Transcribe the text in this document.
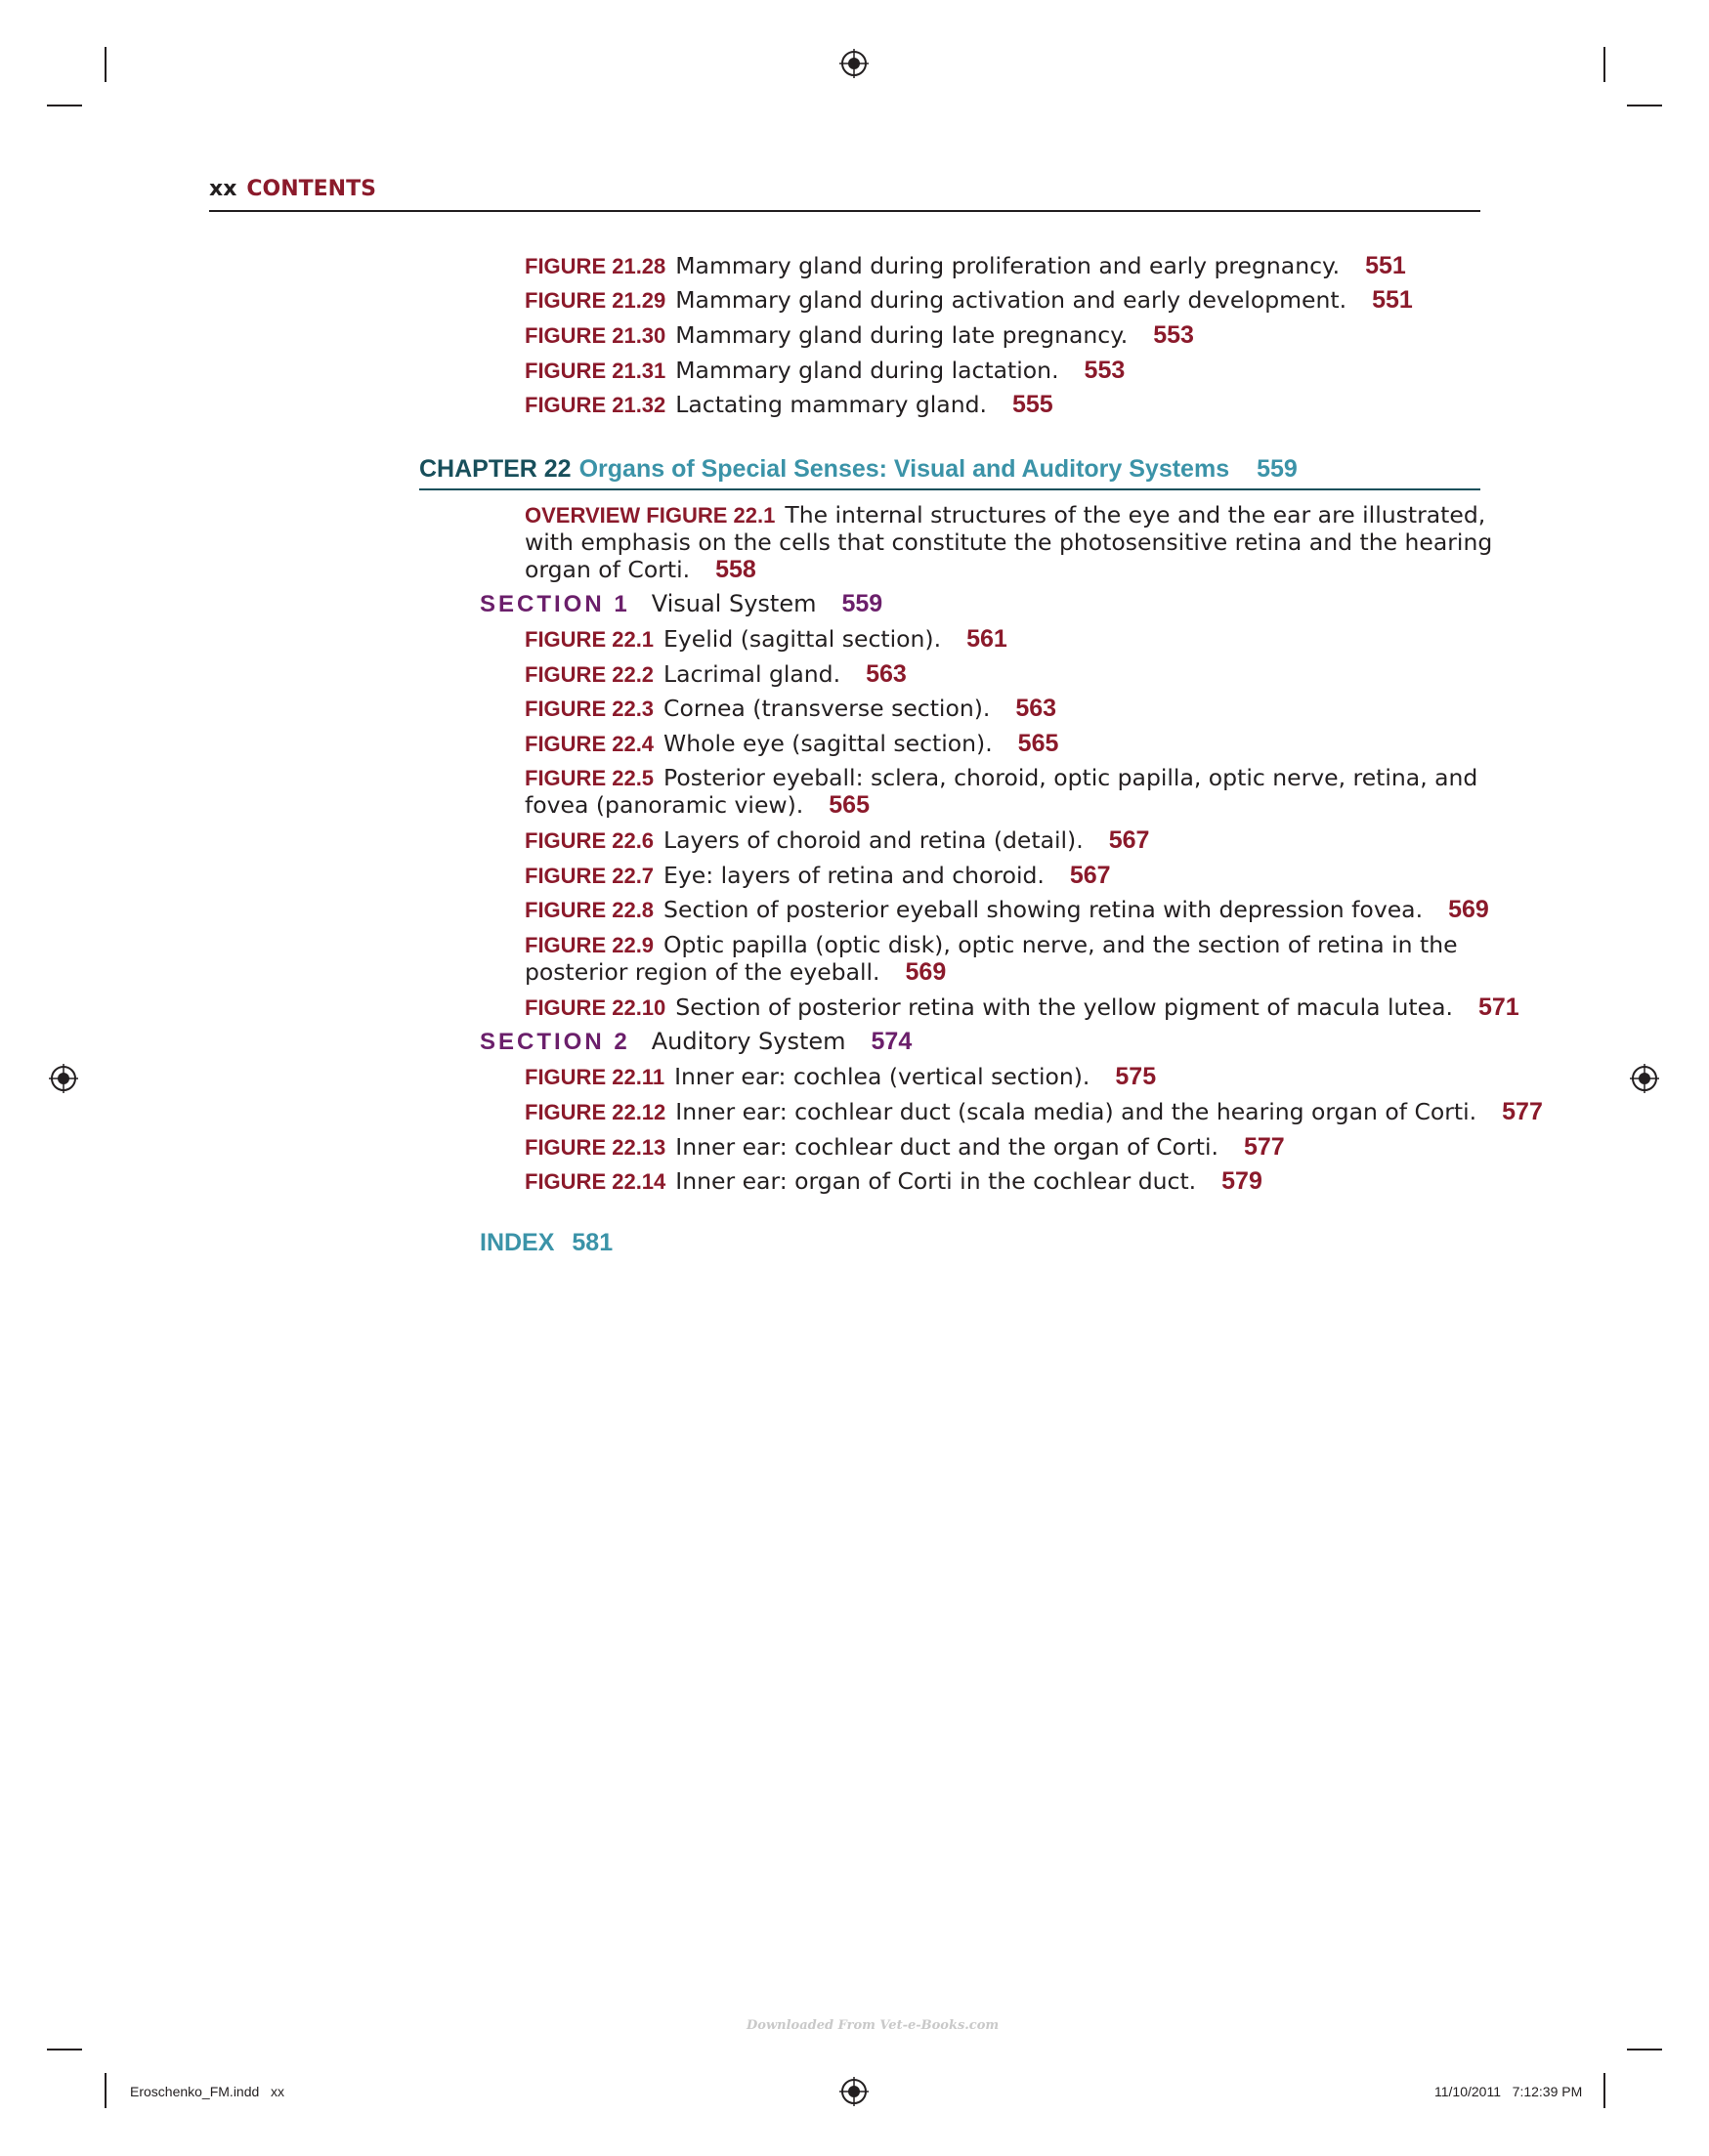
xx CONTENTS
FIGURE 21.28 Mammary gland during proliferation and early pregnancy. 551
FIGURE 21.29 Mammary gland during activation and early development. 551
FIGURE 21.30 Mammary gland during late pregnancy. 553
FIGURE 21.31 Mammary gland during lactation. 553
FIGURE 21.32 Lactating mammary gland. 555
CHAPTER 22 Organs of Special Senses: Visual and Auditory Systems 559
OVERVIEW FIGURE 22.1 The internal structures of the eye and the ear are illustrated,
with emphasis on the cells that constitute the photosensitive retina and the hearing
organ of Corti. 558
SECTION 1 Visual System 559
FIGURE 22.1 Eyelid (sagittal section). 561
FIGURE 22.2 Lacrimal gland. 563
FIGURE 22.3 Cornea (transverse section). 563
FIGURE 22.4 Whole eye (sagittal section). 565
FIGURE 22.5 Posterior eyeball: sclera, choroid, optic papilla, optic nerve, retina, and
fovea (panoramic view). 565
FIGURE 22.6 Layers of choroid and retina (detail). 567
FIGURE 22.7 Eye: layers of retina and choroid. 567
FIGURE 22.8 Section of posterior eyeball showing retina with depression fovea. 569
FIGURE 22.9 Optic papilla (optic disk), optic nerve, and the section of retina in the
posterior region of the eyeball. 569
FIGURE 22.10 Section of posterior retina with the yellow pigment of macula lutea. 571
SECTION 2 Auditory System 574
FIGURE 22.11 Inner ear: cochlea (vertical section). 575
FIGURE 22.12 Inner ear: cochlear duct (scala media) and the hearing organ of Corti. 577
FIGURE 22.13 Inner ear: cochlear duct and the organ of Corti. 577
FIGURE 22.14 Inner ear: organ of Corti in the cochlear duct. 579
INDEX 581
Downloaded From Vet-e-Books.com
Eroschenko_FM.indd   xx	11/10/2011   7:12:39 PM
